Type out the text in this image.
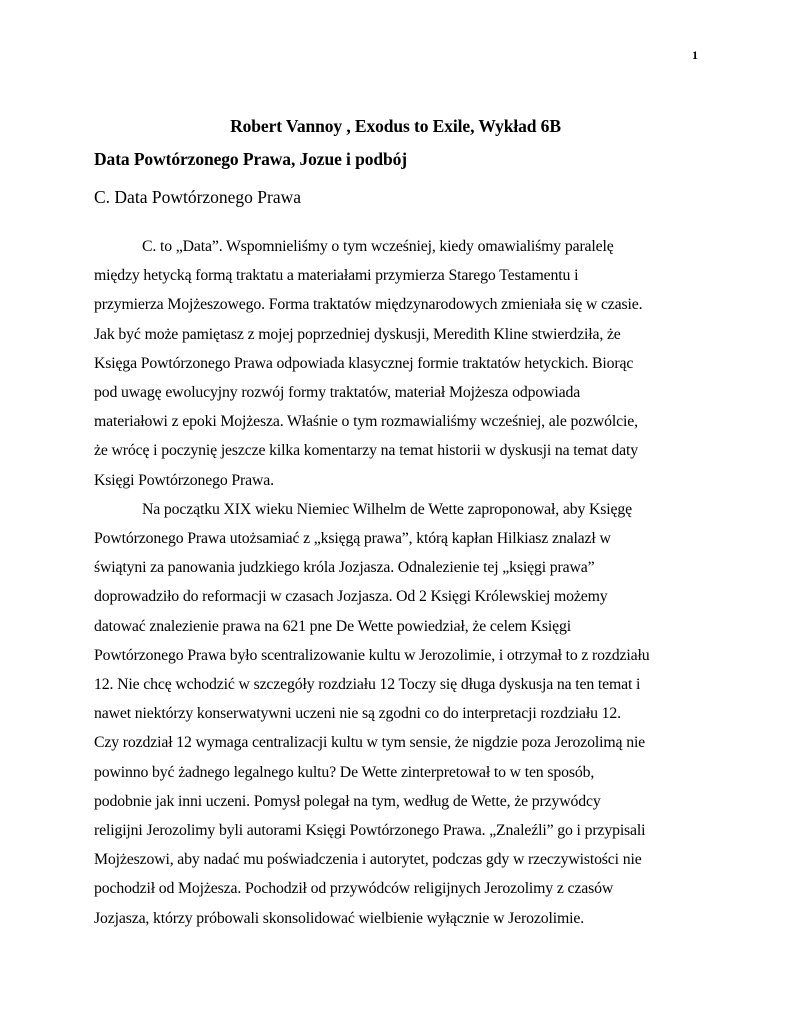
1
Robert Vannoy , Exodus to Exile, Wykład 6B
Data Powtórzonego Prawa, Jozue i podbój
C. Data Powtórzonego Prawa

C. to „Data”. Wspomnieliśmy o tym wcześniej, kiedy omawialiśmy paralelę
między hetycką formą traktatu a materiałami przymierza Starego Testamentu i
przymierza Mojżeszowego. Forma traktatów międzynarodowych zmieniała się w czasie.
Jak być może pamiętasz z mojej poprzedniej dyskusji, Meredith Kline stwierdziła, że
Księga Powtórzonego Prawa odpowiada klasycznej formie traktatów hetyckich. Biorąc
pod uwagę ewolucyjny rozwój formy traktatów, materiał Mojżesza odpowiada
materiałowi z epoki Mojżesza. Właśnie o tym rozmawialiśmy wcześniej, ale pozwólcie,
że wrócę i poczynię jeszcze kilka komentarzy na temat historii w dyskusji na temat daty
Księgi Powtórzonego Prawa.

Na początku XIX wieku Niemiec Wilhelm de Wette zaproponował, aby Księgę
Powtórzonego Prawa utożsamiać z „księgą prawa”, którą kapłan Hilkiasz znalazł w
świątyni za panowania judzkiego króla Jozjasza. Odnalezienie tej „księgi prawa”
doprowadziło do reformacji w czasach Jozjasza. Od 2 Księgi Królewskiej możemy
datować znalezienie prawa na 621 pne De Wette powiedział, że celem Księgi
Powtórzonego Prawa było scentralizowanie kultu w Jerozolimie, i otrzymał to z rozdziału
12. Nie chcę wchodzić w szczegóły rozdziału 12 Toczy się długa dyskusja na ten temat i
nawet niektórzy konserwatywni uczeni nie są zgodni co do interpretacji rozdziału 12.
Czy rozdział 12 wymaga centralizacji kultu w tym sensie, że nigdzie poza Jerozolimą nie
powinno być żadnego legalnego kultu? De Wette zinterpretował to w ten sposób,
podobnie jak inni uczeni. Pomysł polegał na tym, według de Wette, że przywódcy
religijni Jerozolimy byli autorami Księgi Powtórzonego Prawa. „Znaleźli” go i przypisali
Mojżeszowi, aby nadać mu poświadczenia i autorytet, podczas gdy w rzeczywistości nie
pochodził od Mojżesza. Pochodził od przywódców religijnych Jerozolimy z czasów
Jozjasza, którzy próbowali skonsolidować wielbienie wyłącznie w Jerozolimie.
